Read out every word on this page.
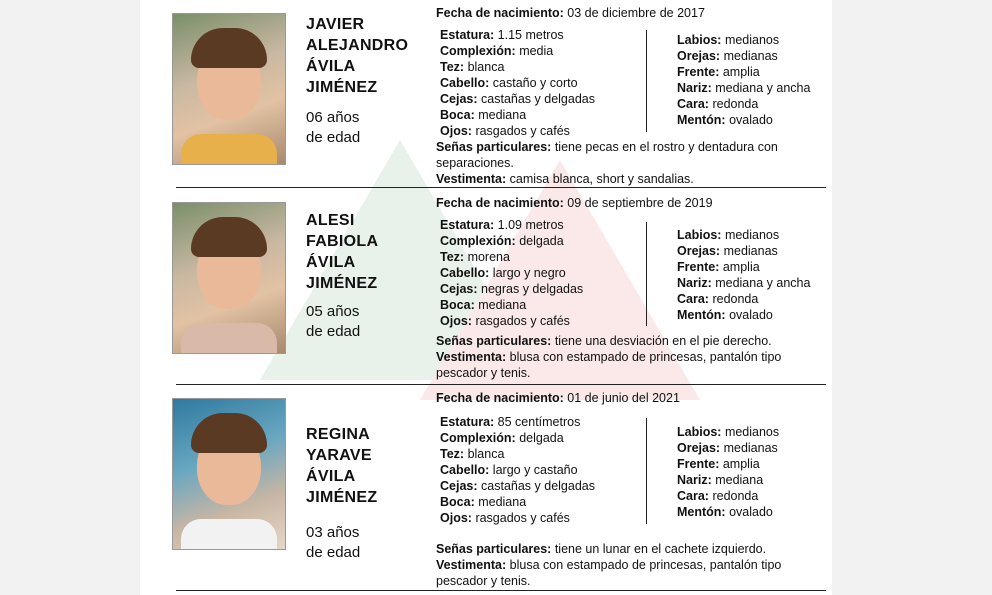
JAVIER
ALEJANDRO
ÁVILA
JIMÉNEZ
06 años
de edad
Fecha de nacimiento: 03 de diciembre de 2017
Estatura: 1.15 metros
Complexión: media
Tez: blanca
Cabello: castaño y corto
Cejas: castañas y delgadas
Boca: mediana
Ojos: rasgados y cafés
Labios: medianos
Orejas: medianas
Frente: amplia
Nariz: mediana y ancha
Cara: redonda
Mentón: ovalado
Señas particulares: tiene pecas en el rostro y dentadura con separaciones.
Vestimenta: camisa blanca, short y sandalias.
ALESI
FABIOLA
ÁVILA
JIMÉNEZ
05 años
de edad
Fecha de nacimiento: 09 de septiembre de 2019
Estatura: 1.09 metros
Complexión: delgada
Tez: morena
Cabello: largo y negro
Cejas: negras y delgadas
Boca: mediana
Ojos: rasgados y cafés
Labios: medianos
Orejas: medianas
Frente: amplia
Nariz: mediana y ancha
Cara: redonda
Mentón: ovalado
Señas particulares: tiene una desviación en el pie derecho.
Vestimenta: blusa con estampado de princesas, pantalón tipo pescador y tenis.
REGINA
YARAVE
ÁVILA
JIMÉNEZ
03 años
de edad
Fecha de nacimiento: 01 de junio del 2021
Estatura: 85 centímetros
Complexión: delgada
Tez: blanca
Cabello: largo y castaño
Cejas: castañas y delgadas
Boca: mediana
Ojos: rasgados y cafés
Labios: medianos
Orejas: medianas
Frente: amplia
Nariz: mediana
Cara: redonda
Mentón: ovalado
Señas particulares: tiene un lunar en el cachete izquierdo.
Vestimenta: blusa con estampado de princesas, pantalón tipo pescador y tenis.
